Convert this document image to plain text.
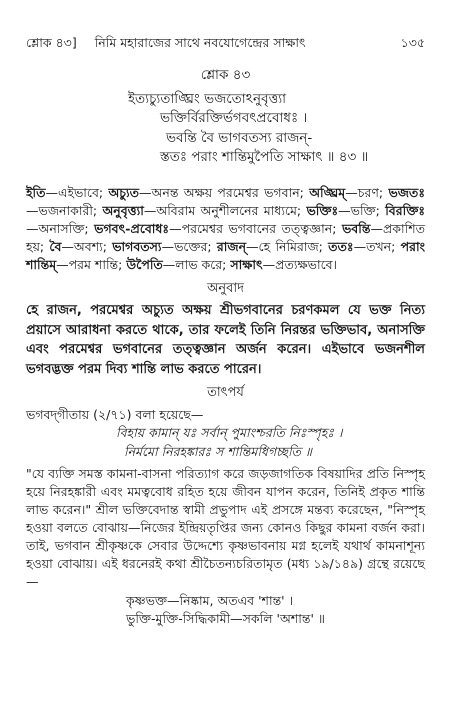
শ্লোক ৪৩]	নিমি মহারাজের সাথে নবযোগেন্দ্রের সাক্ষাৎ	১৩৫
শ্লোক ৪৩
ইত্যচ্যুতাঙ্ঘ্রিং ভজতোঽনুবৃত্ত্যা
ভক্তির্বিরক্তির্ভগবৎপ্রবোধঃ ।
ভবন্তি বৈ ভাগবতস্য রাজন্‌-
স্ততঃ পরাং শান্তিমুপৈতি সাক্ষাৎ ॥ ৪৩ ॥
ইতি—এইভাবে; অচ্যুত—অনন্ত অক্ষয় পরমেশ্বর ভগবান; অঙ্ঘ্রিম্—চরণ; ভজতঃ—ভজনাকারী; অনুবৃত্ত্যা—অবিরাম অনুশীলনের মাধ্যমে; ভক্তিঃ—ভক্তি; বিরক্তিঃ—অনাসক্তি; ভগবৎ-প্রবোধঃ—পরমেশ্বর ভগবানের তত্ত্বজ্ঞান; ভবন্তি—প্রকাশিত হয়; বৈ—অবশ্য; ভাগবতস্য—ভক্তের; রাজন্—হে নিমিরাজ; ততঃ—তখন; পরাং শান্তিম্—পরম শান্তি; উপৈতি—লাভ করে; সাক্ষাৎ—প্রত্যক্ষভাবে।
অনুবাদ
হে রাজন, পরমেশ্বর অচ্যুত অক্ষয় শ্রীভগবানের চরণকমল যে ভক্ত নিত্য প্রয়াসে আরাধনা করতে থাকে, তার ফলেই তিনি নিরন্তর ভক্তিভাব, অনাসক্তি এবং পরমেশ্বর ভগবানের তত্ত্বজ্ঞান অর্জন করেন। এইভাবে ভজনশীল ভগবদ্ভক্ত পরম দিব্য শান্তি লাভ করতে পারেন।
তাৎপর্য
ভগবদ্‌গীতায় (২/৭১) বলা হয়েছে—
বিহায় কামান্ যঃ সর্বান্ পুমাংশ্চরতি নিঃস্পৃহঃ ।
নির্মমো নিরহঙ্কারঃ স শান্তিমধিগচ্ছতি ॥
"যে ব্যক্তি সমস্ত কামনা-বাসনা পরিত্যাগ করে জড়জাগতিক বিষয়াদির প্রতি নিস্পৃহ হয়ে নিরহঙ্কারী এবং মমত্ববোধ রহিত হয়ে জীবন যাপন করেন, তিনিই প্রকৃত শান্তি লাভ করেন।" শ্রীল ভক্তিবেদান্ত স্বামী প্রভুপাদ এই প্রসঙ্গে মন্তব্য করেছেন, "নিস্পৃহ হওয়া বলতে বোঝায়—নিজের ইন্দ্রিয়তৃপ্তির জন্য কোনও কিছুর কামনা বর্জন করা। তাই, ভগবান শ্রীকৃষ্ণকে সেবার উদ্দেশ্যে কৃষ্ণভাবনায় মগ্ন হলেই যথার্থ কামনাশূন্য হওয়া বোঝায়। এই ধরনেরই কথা শ্রীচৈতন্যচরিতামৃত (মধ্য ১৯/১৪৯) গ্রন্থে রয়েছে—
কৃষ্ণভক্ত—নিষ্কাম, অতএব 'শান্ত' ।
ভুক্তি-মুক্তি-সিদ্ধিকামী—সকলি 'অশান্ত' ॥
